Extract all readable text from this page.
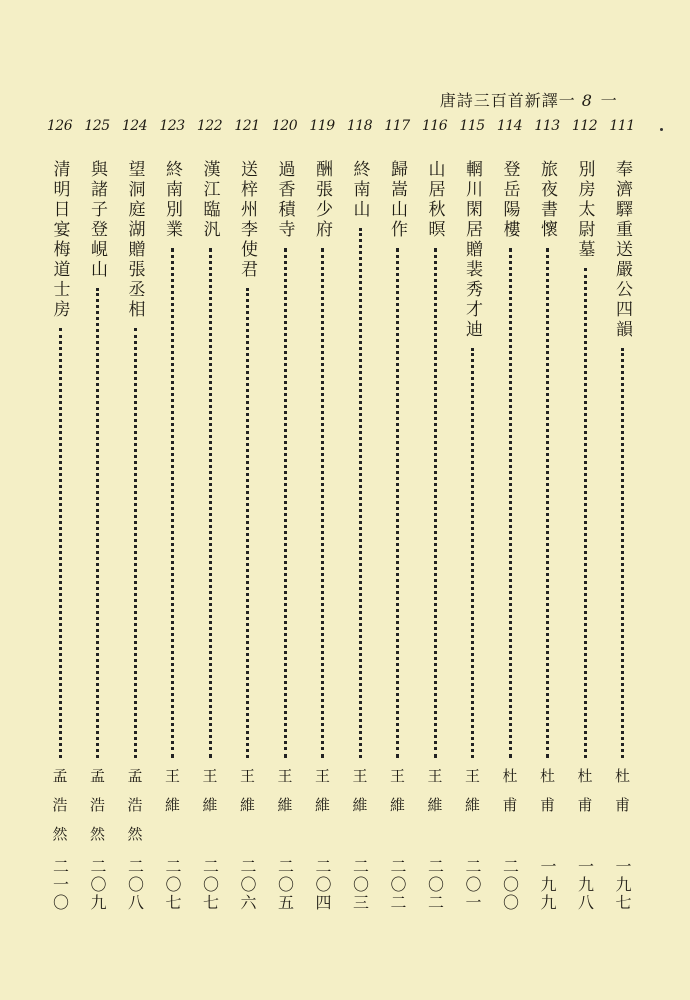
唐詩三百首新譯一 8 一
111
奉濟驛重送嚴公四韻
杜甫
一九七
112
別房太尉墓
杜甫
一九八
113
旅夜書懷
杜甫
一九九
114
登岳陽樓
杜甫
二〇〇
115
輞川閑居贈裴秀才迪
王維
二〇一
116
山居秋暝
王維
二〇二
117
歸嵩山作
王維
二〇二
118
終南山
王維
二〇三
119
酬張少府
王維
二〇四
120
過香積寺
王維
二〇五
121
送梓州李使君
王維
二〇六
122
漢江臨汎
王維
二〇七
123
終南別業
王維
二〇七
124
望洞庭湖贈張丞相
孟浩然
二〇八
125
與諸子登峴山
孟浩然
二〇九
126
清明日宴梅道士房
孟浩然
二一〇
